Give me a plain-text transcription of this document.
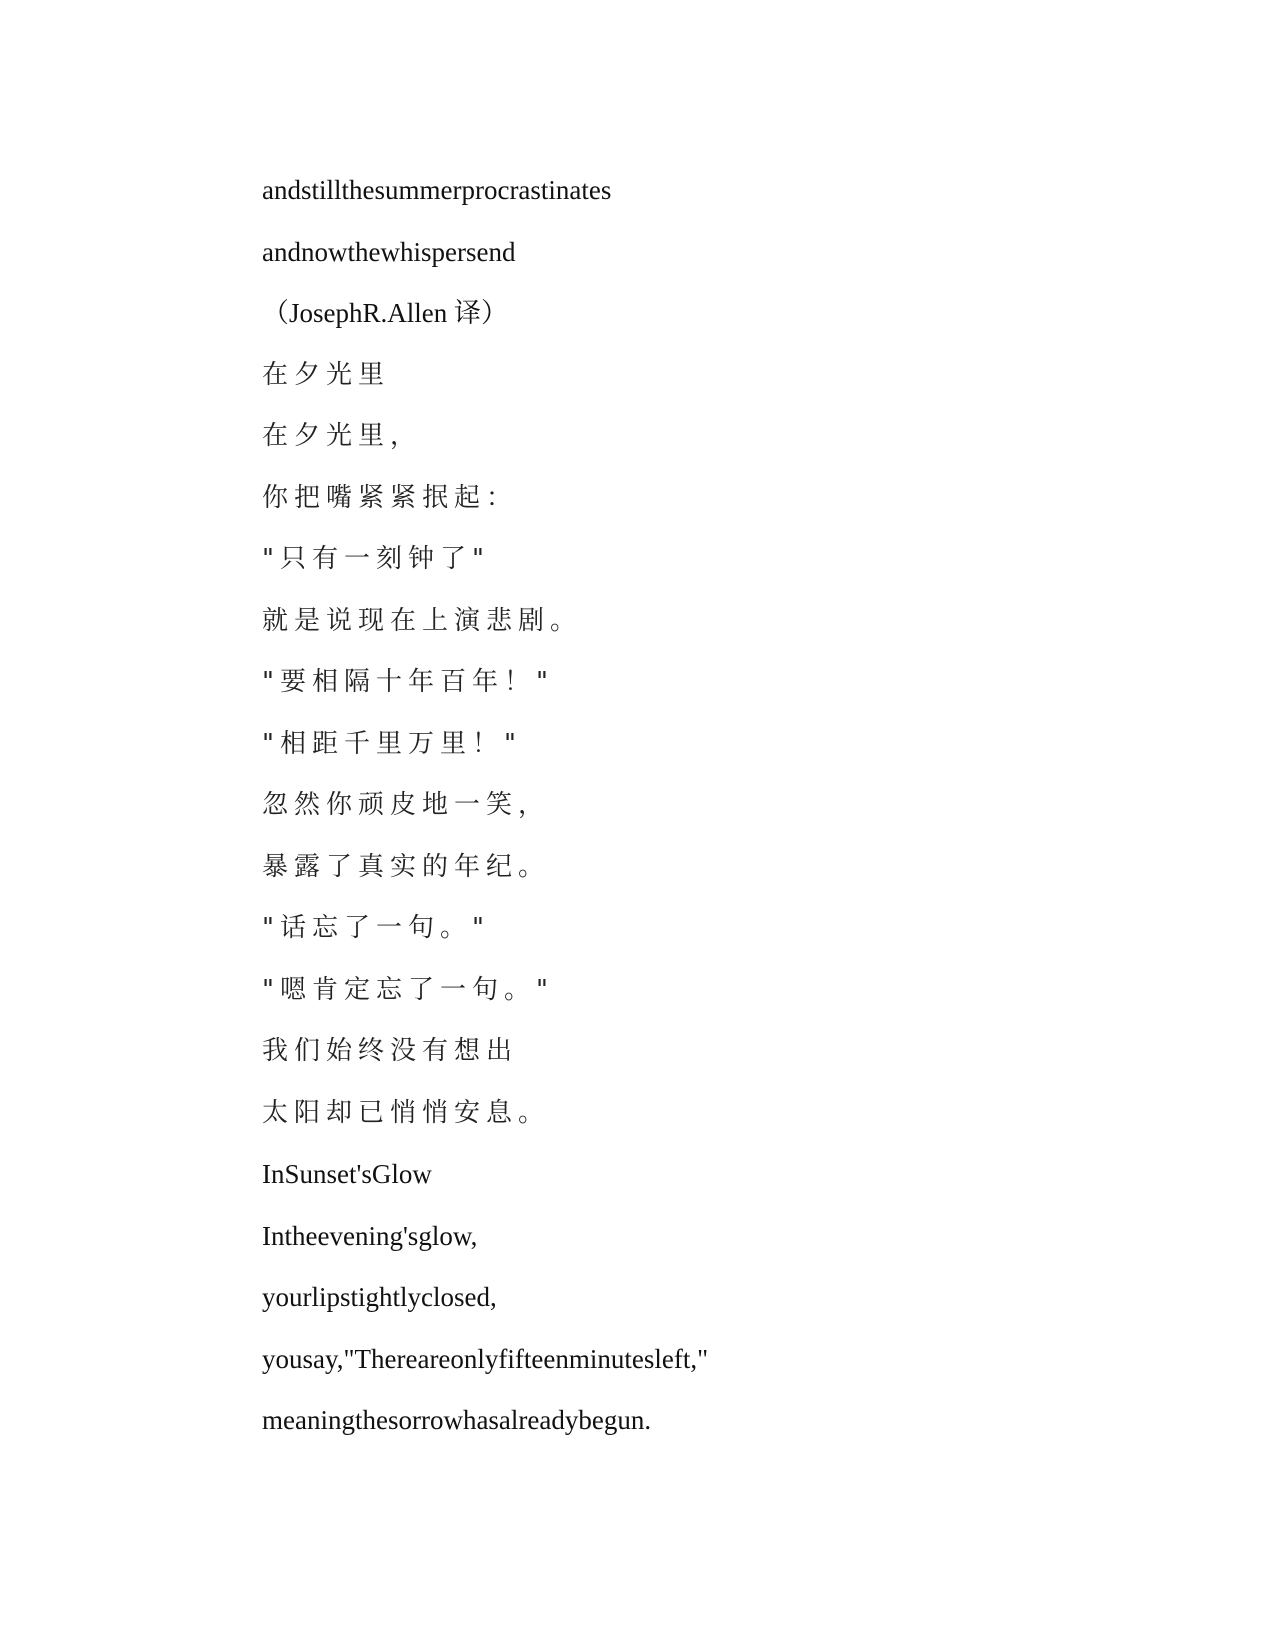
andstillthesummerprocrastinates
andnowthewhispersend
（JosephR.Allen 译）
在夕光里
在夕光里，
你把嘴紧紧抿起：
"只有一刻钟了"
就是说现在上演悲剧。
"要相隔十年百年！"
"相距千里万里！"
忽然你顽皮地一笑，
暴露了真实的年纪。
"话忘了一句。"
"嗯肯定忘了一句。"
我们始终没有想出
太阳却已悄悄安息。
InSunset'sGlow
Intheevening'sglow,
yourlipstightlyclosed,
yousay,"Thereareonlyfifteenminutesleft,"
meaningthesorrowhasalreadybegun.
